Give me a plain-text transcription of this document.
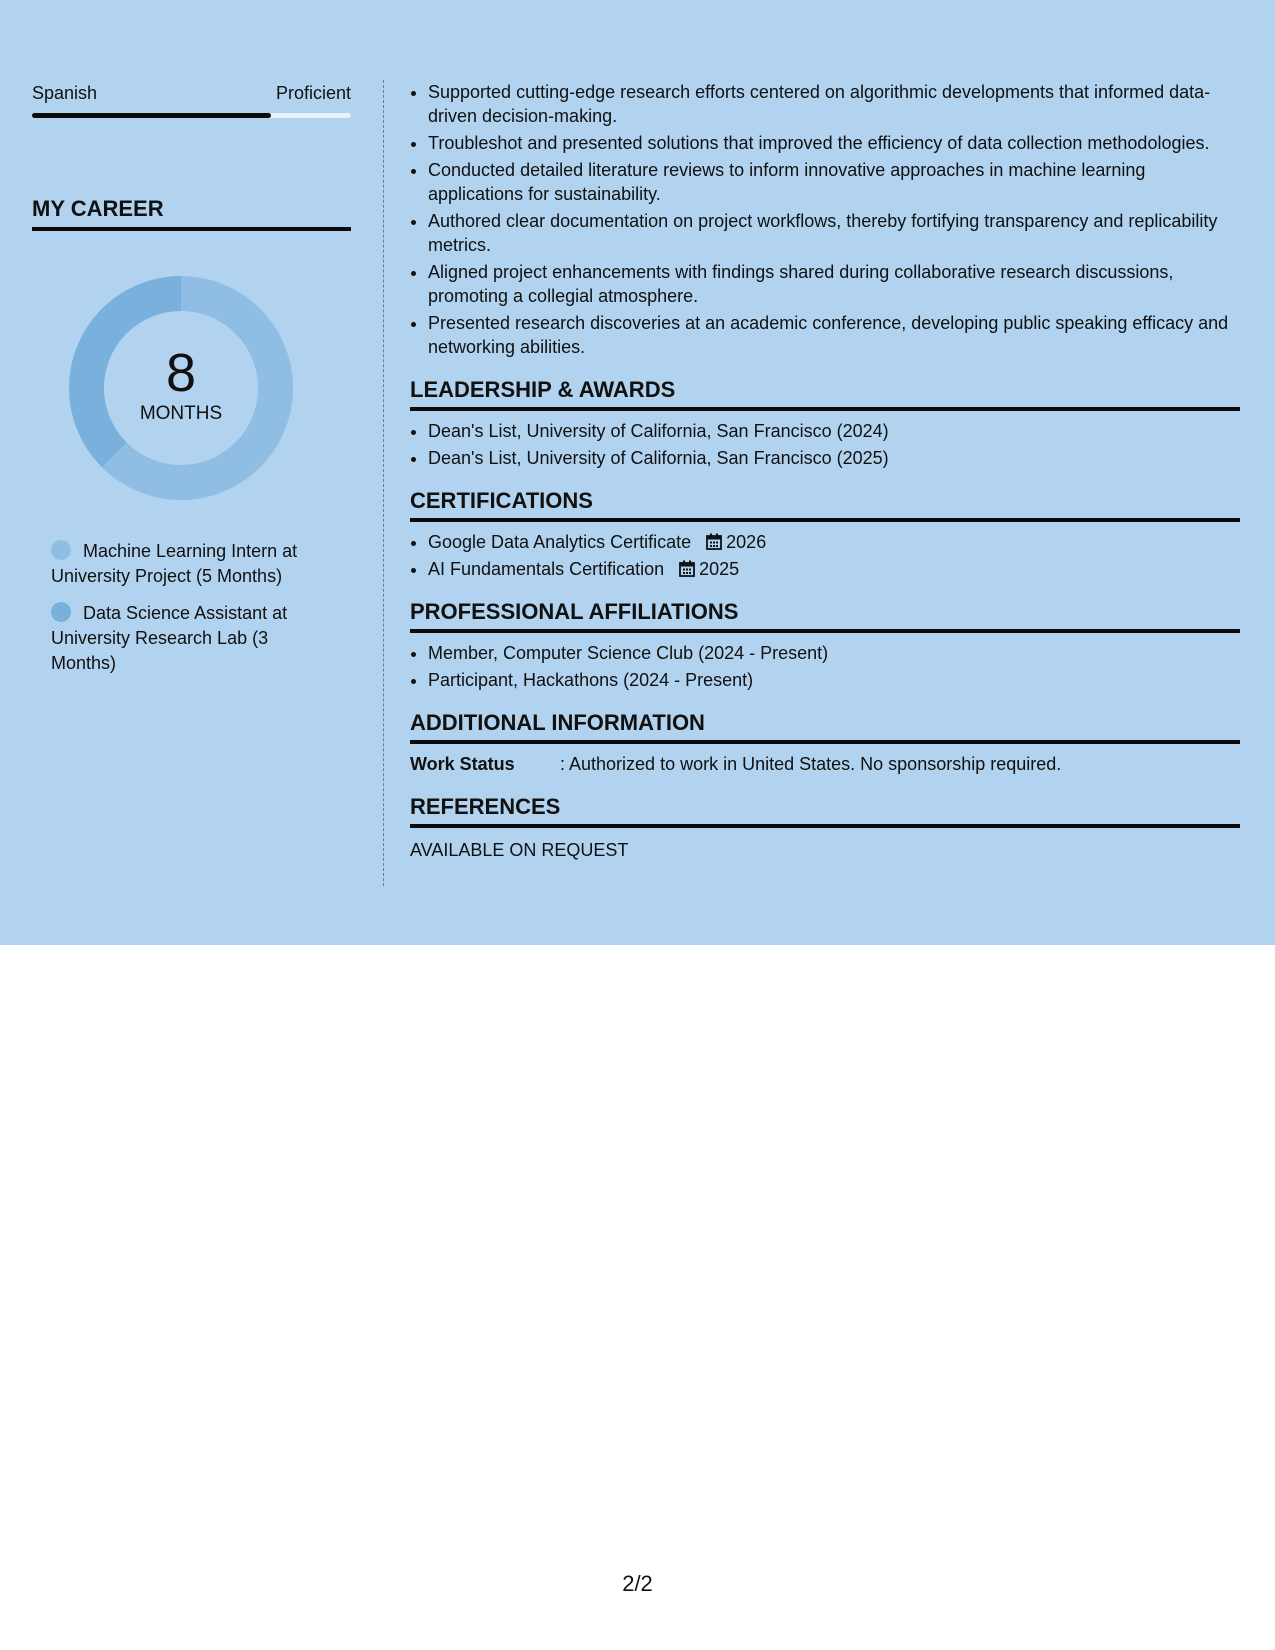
Spanish	Proficient
MY CAREER
8
MONTHS
Machine Learning Intern at University Project (5 Months)
Data Science Assistant at University Research Lab (3 Months)
• Supported cutting-edge research efforts centered on algorithmic developments that informed data-driven decision-making.
• Troubleshot and presented solutions that improved the efficiency of data collection methodologies.
• Conducted detailed literature reviews to inform innovative approaches in machine learning applications for sustainability.
• Authored clear documentation on project workflows, thereby fortifying transparency and replicability metrics.
• Aligned project enhancements with findings shared during collaborative research discussions, promoting a collegial atmosphere.
• Presented research discoveries at an academic conference, developing public speaking efficacy and networking abilities.
LEADERSHIP & AWARDS
• Dean's List, University of California, San Francisco (2024)
• Dean's List, University of California, San Francisco (2025)
CERTIFICATIONS
• Google Data Analytics Certificate 2026
• AI Fundamentals Certification 2025
PROFESSIONAL AFFILIATIONS
• Member, Computer Science Club (2024 - Present)
• Participant, Hackathons (2024 - Present)
ADDITIONAL INFORMATION
Work Status	: Authorized to work in United States. No sponsorship required.
REFERENCES
AVAILABLE ON REQUEST
2/2
